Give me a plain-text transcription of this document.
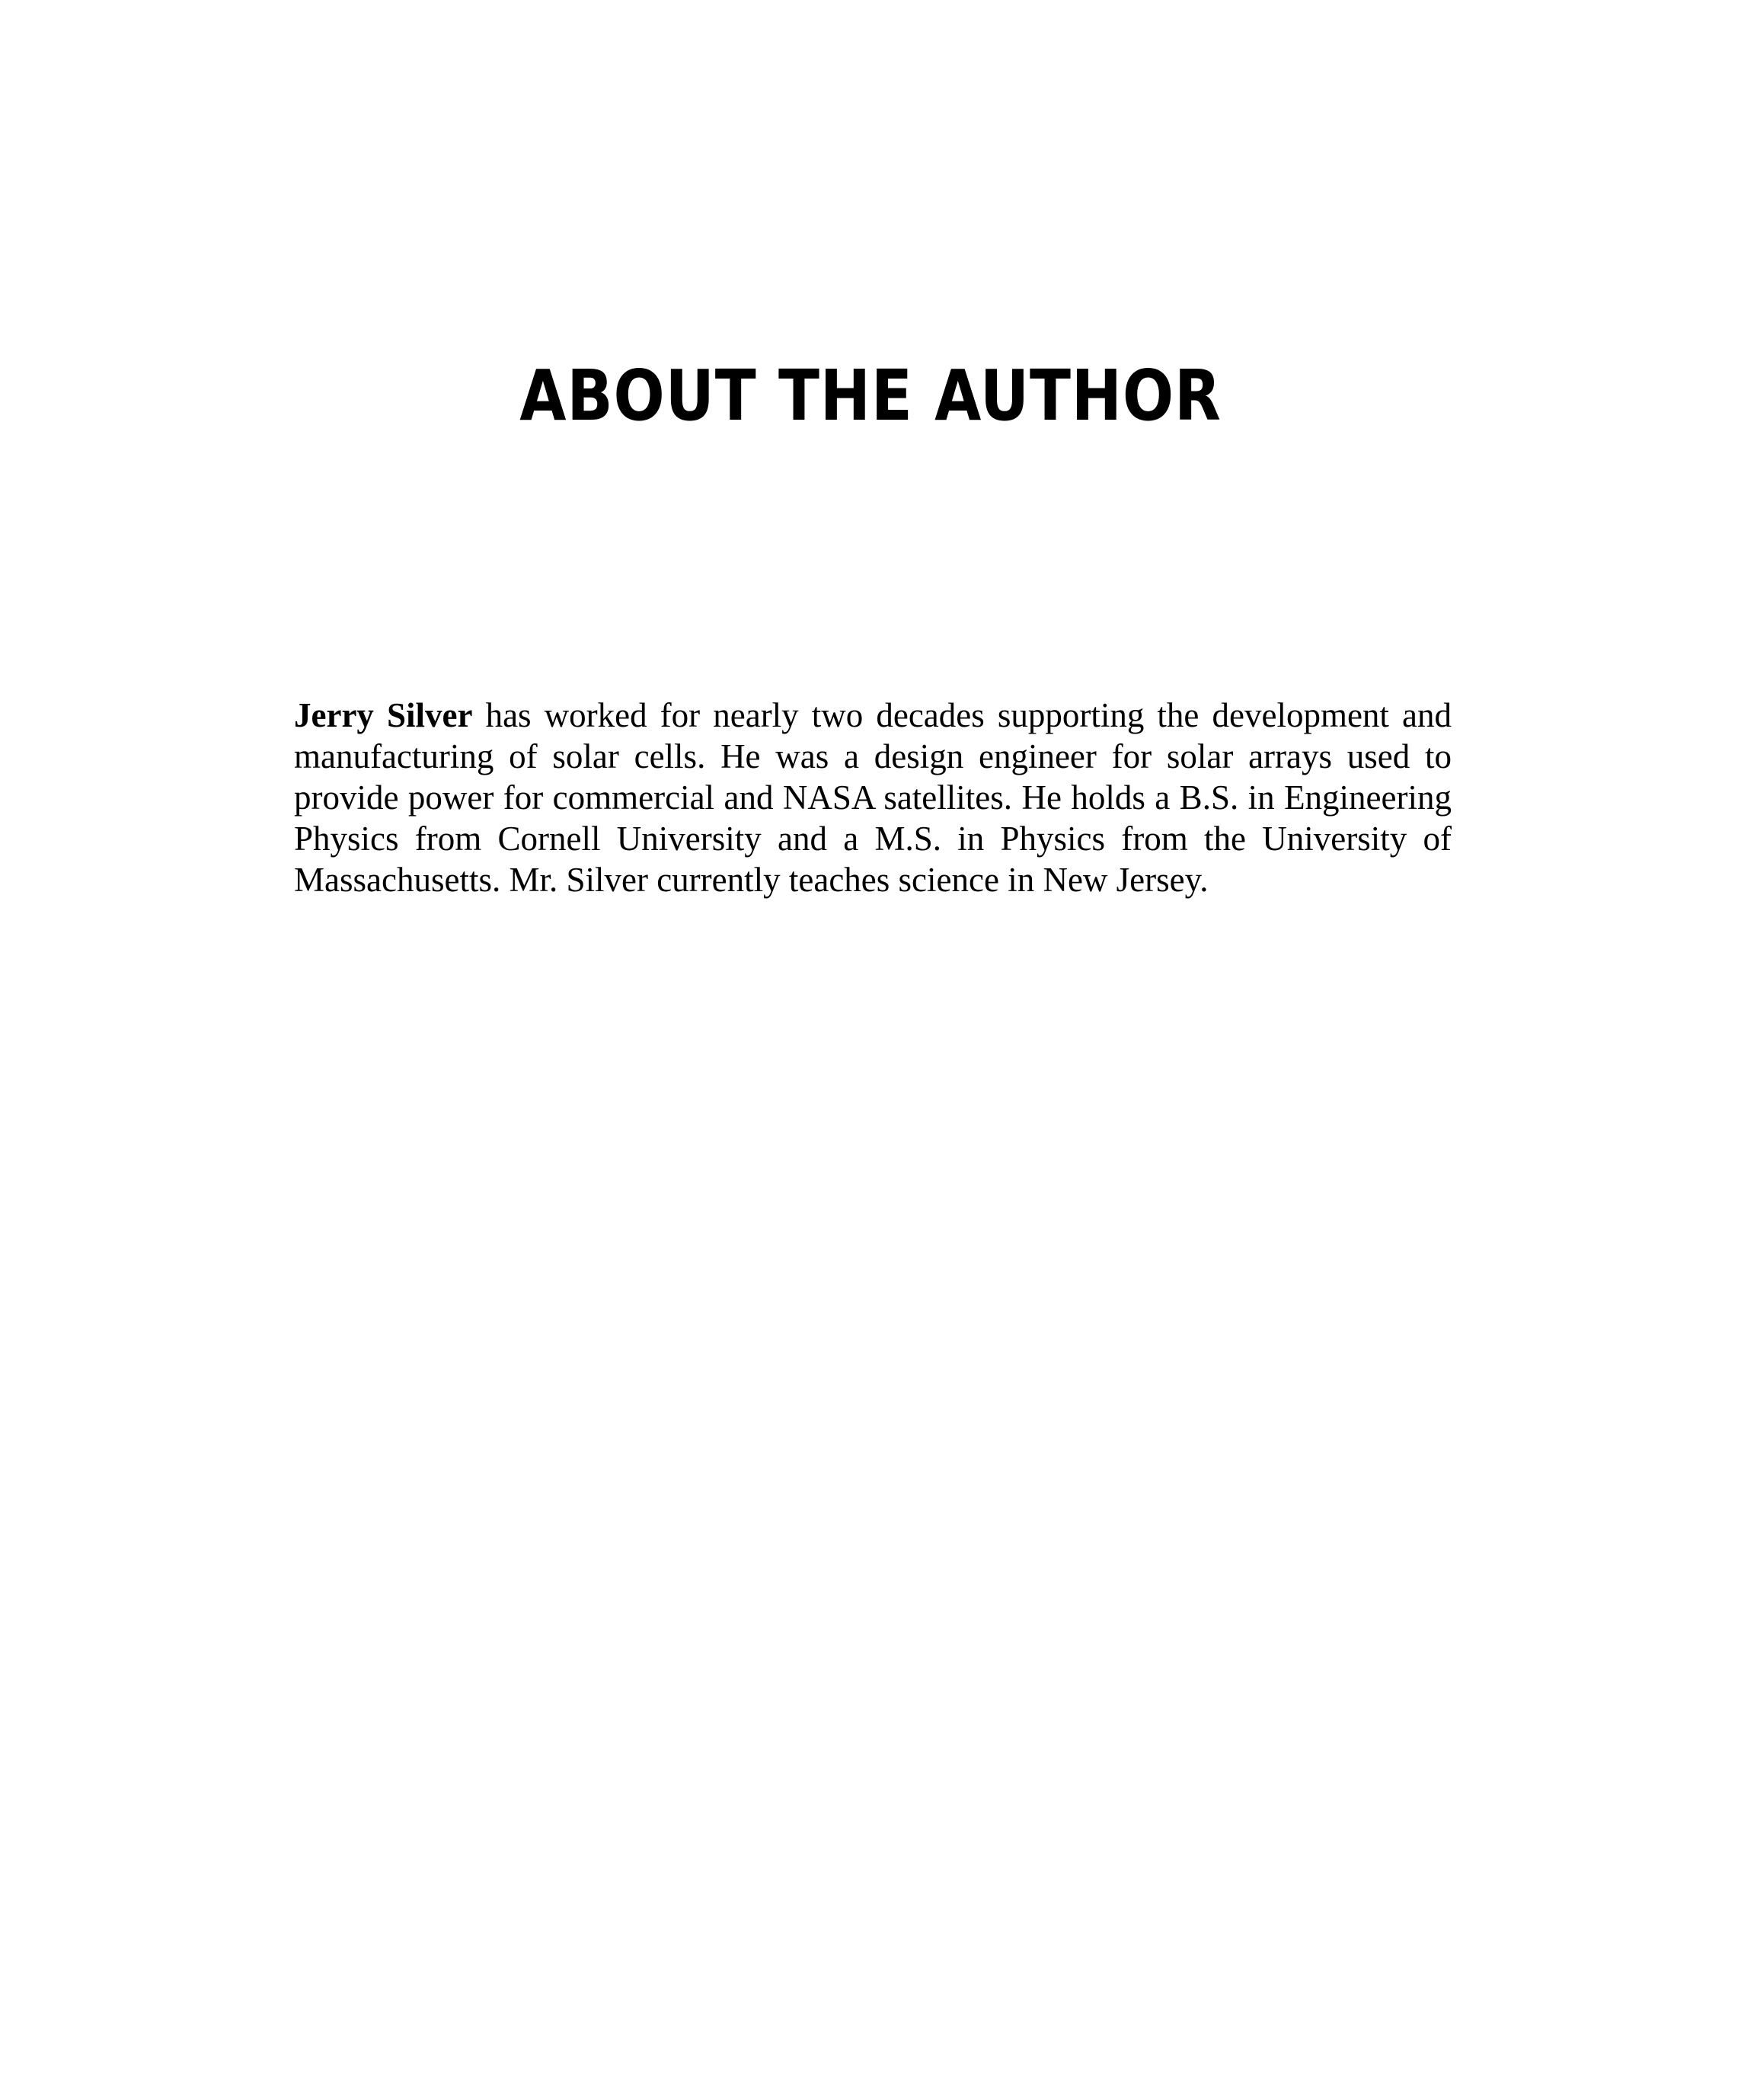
ABOUT THE AUTHOR

Jerry Silver has worked for nearly two decades supporting the development and manufacturing of solar cells. He was a design engineer for solar arrays used to provide power for commercial and NASA satellites. He holds a B.S. in Engineering Physics from Cornell University and a M.S. in Physics from the University of Massachusetts. Mr. Silver currently teaches science in New Jersey.
